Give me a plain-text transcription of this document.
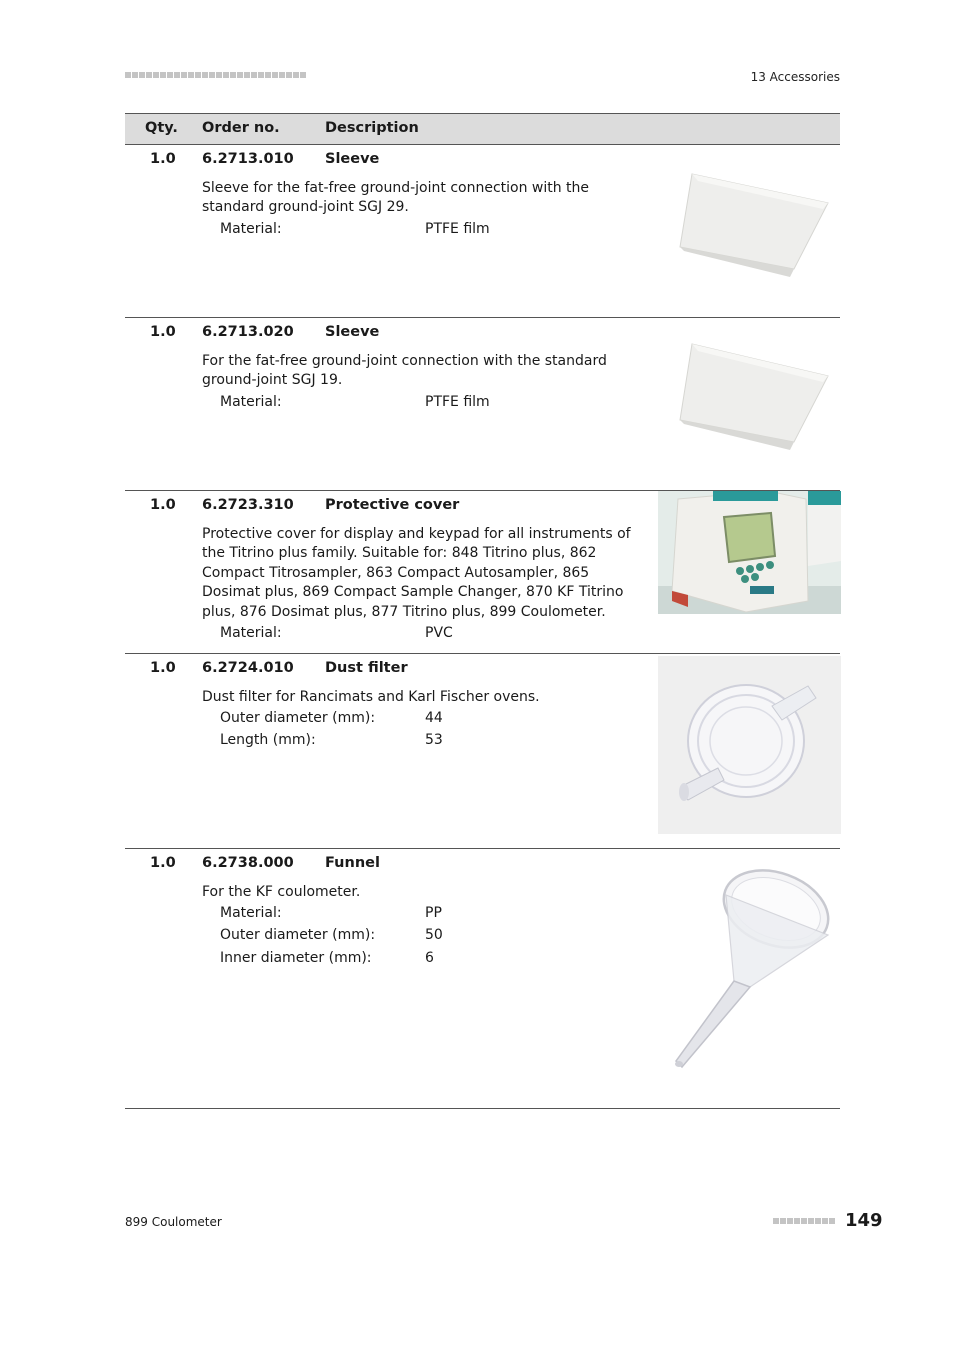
13 Accessories
Qty. Order no.	Description
1.0 6.2713.010 Sleeve
Sleeve for the fat-free ground-joint connection with the standard ground-joint SGJ 29.
Material:	PTFE film
1.0 6.2713.020 Sleeve
For the fat-free ground-joint connection with the standard ground-joint SGJ 19.
Material:	PTFE film
1.0 6.2723.310 Protective cover
Protective cover for display and keypad for all instruments of the Titrino plus family. Suitable for: 848 Titrino plus, 862 Compact Titrosampler, 863 Compact Autosampler, 865 Dosimat plus, 869 Compact Sample Changer, 870 KF Titrino plus, 876 Dosimat plus, 877 Titrino plus, 899 Coulometer.
Material:	PVC
1.0 6.2724.010 Dust filter
Dust filter for Rancimats and Karl Fischer ovens.
Outer diameter (mm):	44
Length (mm):	53
1.0 6.2738.000 Funnel
For the KF coulometer.
Material:	PP
Outer diameter (mm):	50
Inner diameter (mm):	6
899 Coulometer	149
